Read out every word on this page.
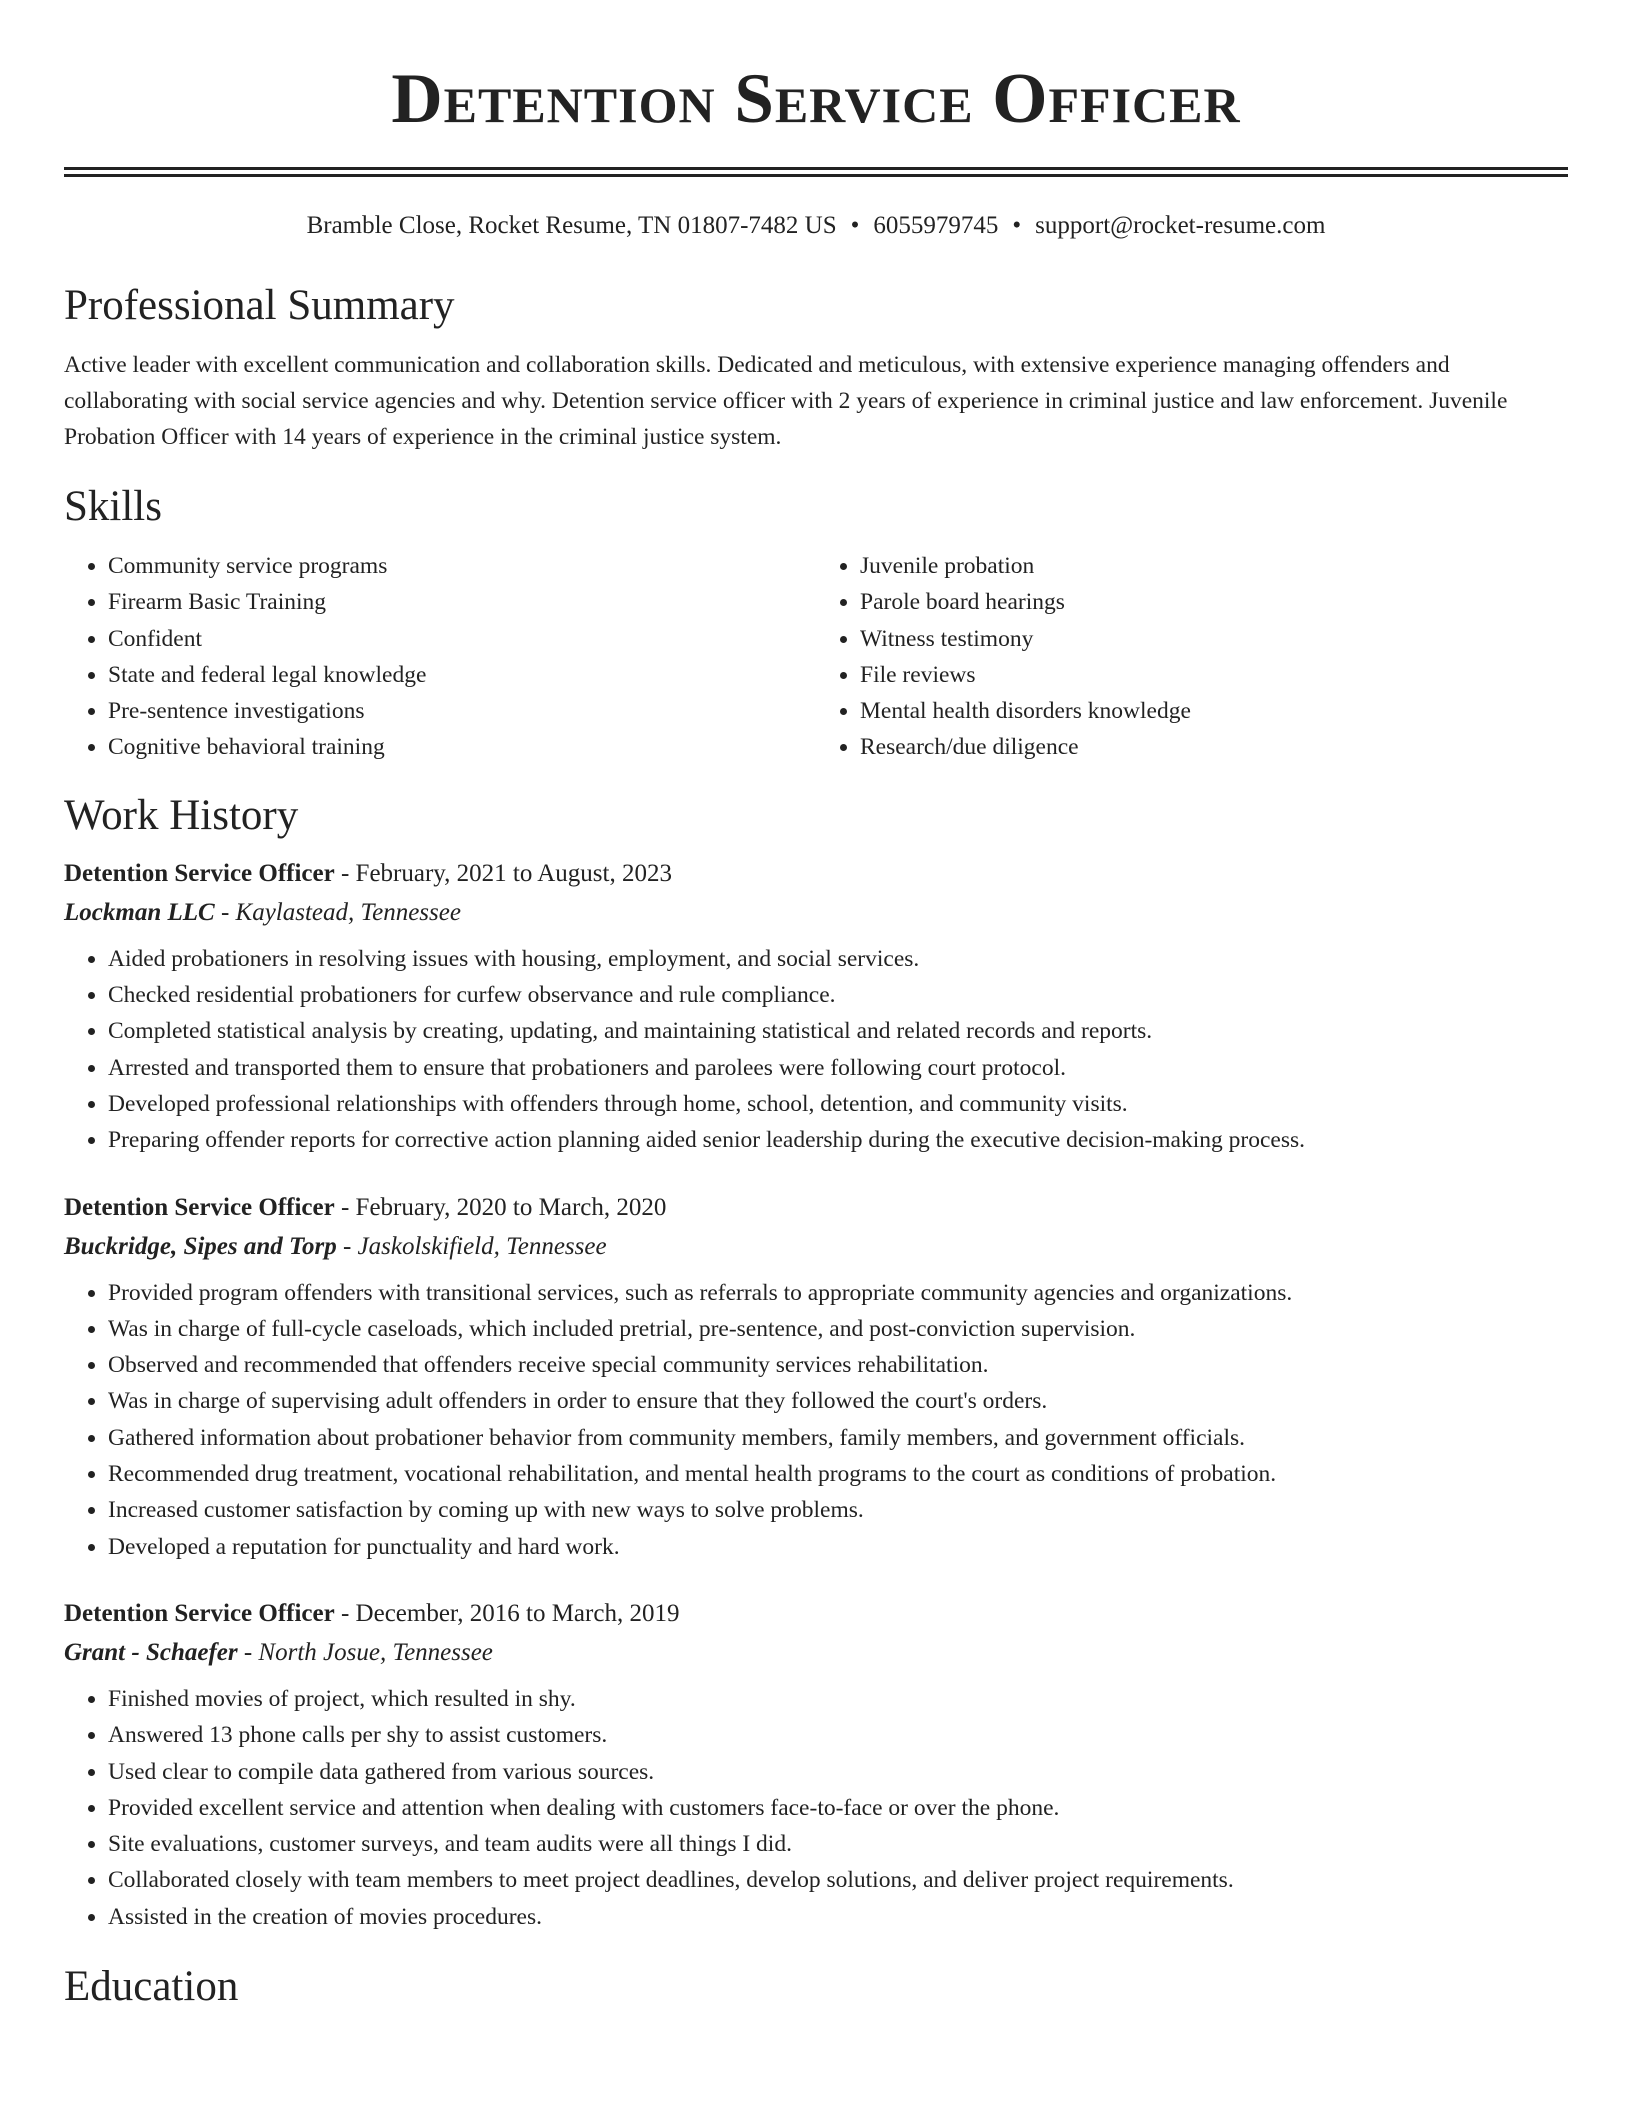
Detention Service Officer
Bramble Close, Rocket Resume, TN 01807-7482 US • 6055979745 • support@rocket-resume.com
Professional Summary

Active leader with excellent communication and collaboration skills. Dedicated and meticulous, with extensive experience managing offenders and collaborating with social service agencies and why. Detention service officer with 2 years of experience in criminal justice and law enforcement. Juvenile Probation Officer with 14 years of experience in the criminal justice system.

Skills
• Community service programs
• Firearm Basic Training
• Confident
• State and federal legal knowledge
• Pre-sentence investigations
• Cognitive behavioral training
• Juvenile probation
• Parole board hearings
• Witness testimony
• File reviews
• Mental health disorders knowledge
• Research/due diligence
Work History
Detention Service Officer - February, 2021 to August, 2023
Lockman LLC - Kaylastead, Tennessee
• Aided probationers in resolving issues with housing, employment, and social services.
• Checked residential probationers for curfew observance and rule compliance.
• Completed statistical analysis by creating, updating, and maintaining statistical and related records and reports.
• Arrested and transported them to ensure that probationers and parolees were following court protocol.
• Developed professional relationships with offenders through home, school, detention, and community visits.
• Preparing offender reports for corrective action planning aided senior leadership during the executive decision-making process.
Detention Service Officer - February, 2020 to March, 2020
Buckridge, Sipes and Torp - Jaskolskifield, Tennessee
• Provided program offenders with transitional services, such as referrals to appropriate community agencies and organizations.
• Was in charge of full-cycle caseloads, which included pretrial, pre-sentence, and post-conviction supervision.
• Observed and recommended that offenders receive special community services rehabilitation.
• Was in charge of supervising adult offenders in order to ensure that they followed the court's orders.
• Gathered information about probationer behavior from community members, family members, and government officials.
• Recommended drug treatment, vocational rehabilitation, and mental health programs to the court as conditions of probation.
• Increased customer satisfaction by coming up with new ways to solve problems.
• Developed a reputation for punctuality and hard work.
Detention Service Officer - December, 2016 to March, 2019
Grant - Schaefer - North Josue, Tennessee
• Finished movies of project, which resulted in shy.
• Answered 13 phone calls per shy to assist customers.
• Used clear to compile data gathered from various sources.
• Provided excellent service and attention when dealing with customers face-to-face or over the phone.
• Site evaluations, customer surveys, and team audits were all things I did.
• Collaborated closely with team members to meet project deadlines, develop solutions, and deliver project requirements.
• Assisted in the creation of movies procedures.
Education
